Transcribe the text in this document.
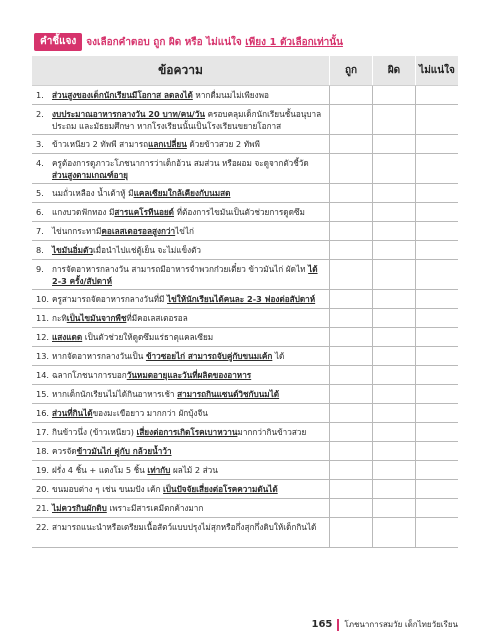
คำชี้แจง	จงเลือกคำตอบ ถูก ผิด หรือ ไม่แน่ใจ เพียง 1 ตัวเลือกเท่านั้น
ข้อความ	ถูก	ผิด	ไม่แน่ใจ
1. ส่วนสูงของเด็กนักเรียนมีโอกาส ลดลงได้ หากดื่มนมไม่เพียงพอ
2. งบประมาณอาหารกลางวัน 20 บาท/คน/วัน ครอบคลุมเด็กนักเรียนชั้นอนุบาล ประถม และมัธยมศึกษา หากโรงเรียนนั้นเป็นโรงเรียนขยายโอกาส
3. ข้าวเหนียว 2 ทัพพี สามารถแลกเปลี่ยน ด้วยข้าวสวย 2 ทัพพี
4. ครูต้องการดูภาวะโภชนาการว่าเด็กอ้วน สมส่วน หรือผอม จะดูจากตัวชี้วัด ส่วนสูงตามเกณฑ์อายุ
5. นมถั่วเหลือง น้ำเต้าหู้ มีแคลเซียมใกล้เคียงกับนมสด
6. แกงบวดฟักทอง มีสารแคโรทีนอยด์ ที่ต้องการไขมันเป็นตัวช่วยการดูดซึม
7. ไข่นกกระทามีคอเลสเตอรอลสูงกว่าไข่ไก่
8. ไขมันอิ่มตัวเมื่อนำไปแช่ตู้เย็น จะไม่แข็งตัว
9. การจัดอาหารกลางวัน สามารถมีอาหารจำพวกก๋วยเตี๋ยว ข้าวมันไก่ ผัดไท ได้ 2-3 ครั้ง/สัปดาห์
10. ครูสามารถจัดอาหารกลางวันที่มี ไข่ให้นักเรียนได้คนละ 2-3 ฟองต่อสัปดาห์
11. กะทิเป็นไขมันจากพืชที่มีคอเลสเตอรอล
12. แสงแดด เป็นตัวช่วยให้ดูดซึมแร่ธาตุแคลเซียม
13. หากจัดอาหารกลางวันเป็น ข้าวซอยไก่ สามารถจับคู่กับขนมเค้ก ได้
14. ฉลากโภชนาการบอกวันหมดอายุและวันที่ผลิตของอาหาร
15. หากเด็กนักเรียนไม่ได้กินอาหารเช้า สามารถกินแซนด์วิชกับนมได้
16. ส่วนที่กินได้ของมะเขือยาว มากกว่า ผักบุ้งจีน
17. กินข้าวนึ่ง (ข้าวเหนียว) เสี่ยงต่อการเกิดโรคเบาหวานมากกว่ากินข้าวสวย
18. ควรจัดข้าวมันไก่ คู่กับ กล้วยน้ำว้า
19. ฝรั่ง 4 ชิ้น + แตงโม 5 ชิ้น เท่ากับ ผลไม้ 2 ส่วน
20. ขนมอบต่าง ๆ เช่น ขนมปัง เค้ก เป็นปัจจัยเสี่ยงต่อโรคความดันได้
21. ไม่ควรกินผักดิบ เพราะมีสารเคมีตกค้างมาก
22. สามารถแนะนำหรือเตรียมเนื้อสัตว์แบบปรุงไม่สุกหรือกึ่งสุกกึ่งดิบให้เด็กกินได้
165 โภชนาการสมวัย เด็กไทยวัยเรียน
